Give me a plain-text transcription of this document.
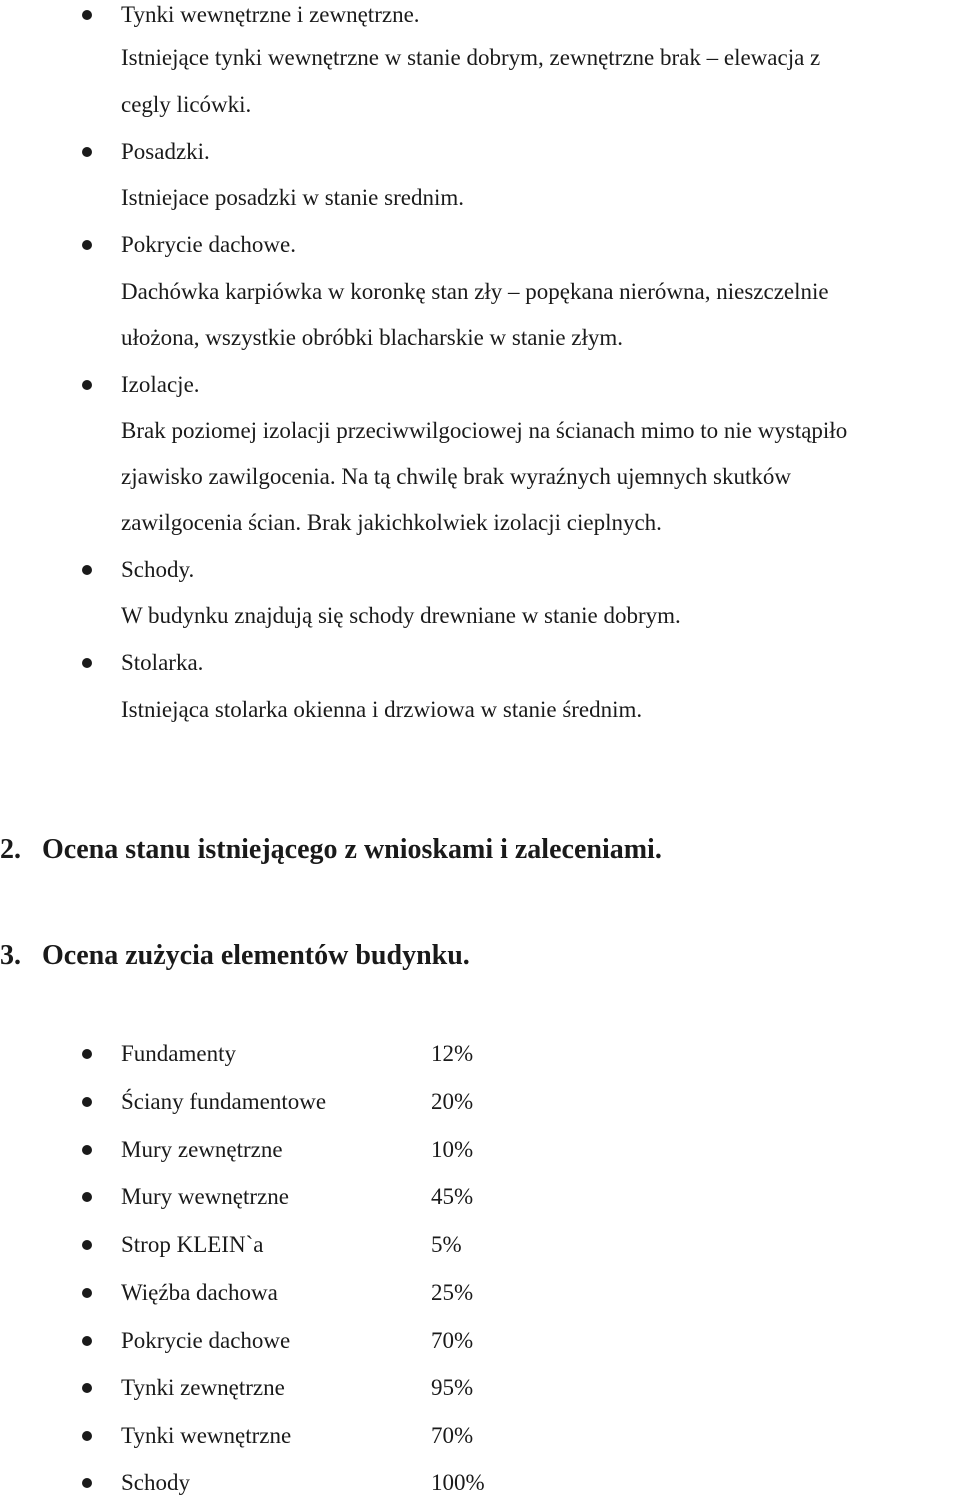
Tynki wewnętrzne i zewnętrzne.
Istniejące tynki wewnętrzne w stanie dobrym, zewnętrzne brak – elewacja z
cegly licówki.
Posadzki.
Istniejace posadzki w stanie srednim.
Pokrycie dachowe.
Dachówka karpiówka w koronkę stan zły – popękana nierówna, nieszczelnie
ułożona, wszystkie obróbki blacharskie w stanie złym.
Izolacje.
Brak poziomej izolacji przeciwwilgociowej na ścianach mimo to nie wystąpiło
zjawisko zawilgocenia. Na tą chwilę brak wyraźnych ujemnych skutków
zawilgocenia ścian. Brak jakichkolwiek izolacji cieplnych.
Schody.
W budynku znajdują się schody drewniane w stanie dobrym.
Stolarka.
Istniejąca stolarka okienna i drzwiowa w stanie średnim.
2. Ocena stanu istniejącego z wnioskami i zaleceniami.
3. Ocena zużycia elementów budynku.
Fundamenty	12%
Ściany fundamentowe	20%
Mury zewnętrzne	10%
Mury wewnętrzne	45%
Strop KLEIN`a	5%
Więźba dachowa	25%
Pokrycie dachowe	70%
Tynki zewnętrzne	95%
Tynki wewnętrzne	70%
Schody	100%
